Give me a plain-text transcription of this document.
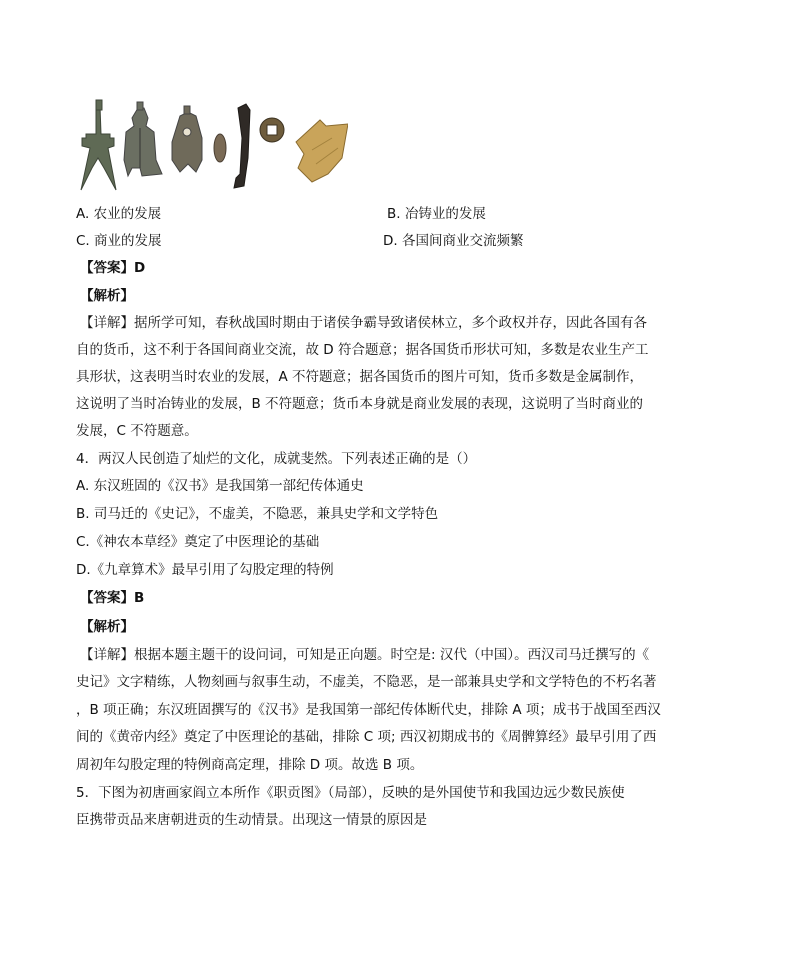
A. 农业的发展	B. 冶铸业的发展
C. 商业的发展	D. 各国间商业交流频繁
【答案】D
【解析】
【详解】据所学可知，春秋战国时期由于诸侯争霸导致诸侯林立，多个政权并存，因此各国有各
自的货币，这不利于各国间商业交流，故 D 符合题意；据各国货币形状可知，多数是农业生产工
具形状，这表明当时农业的发展，A 不符题意；据各国货币的图片可知，货币多数是金属制作，
这说明了当时冶铸业的发展，B 不符题意；货币本身就是商业发展的表现，这说明了当时商业的
发展，C 不符题意。
4．两汉人民创造了灿烂的文化，成就斐然。下列表述正确的是（）
A. 东汉班固的《汉书》是我国第一部纪传体通史
B. 司马迁的《史记》，不虚美，不隐恶，兼具史学和文学特色
C.《神农本草经》奠定了中医理论的基础
D.《九章算术》最早引用了勾股定理的特例
【答案】B
【解析】
【详解】根据本题主题干的设问词，可知是正向题。时空是: 汉代（中国）。西汉司马迁撰写的《
史记》文字精练，人物刻画与叙事生动，不虚美，不隐恶，是一部兼具史学和文学特色的不朽名著
，B 项正确；东汉班固撰写的《汉书》是我国第一部纪传体断代史，排除 A 项；成书于战国至西汉
间的《黄帝内经》奠定了中医理论的基础，排除 C 项; 西汉初期成书的《周髀算经》最早引用了西
周初年勾股定理的特例商高定理，排除 D 项。故选 B 项。
5．下图为初唐画家阎立本所作《职贡图》（局部），反映的是外国使节和我国边远少数民族使
臣携带贡品来唐朝进贡的生动情景。出现这一情景的原因是
